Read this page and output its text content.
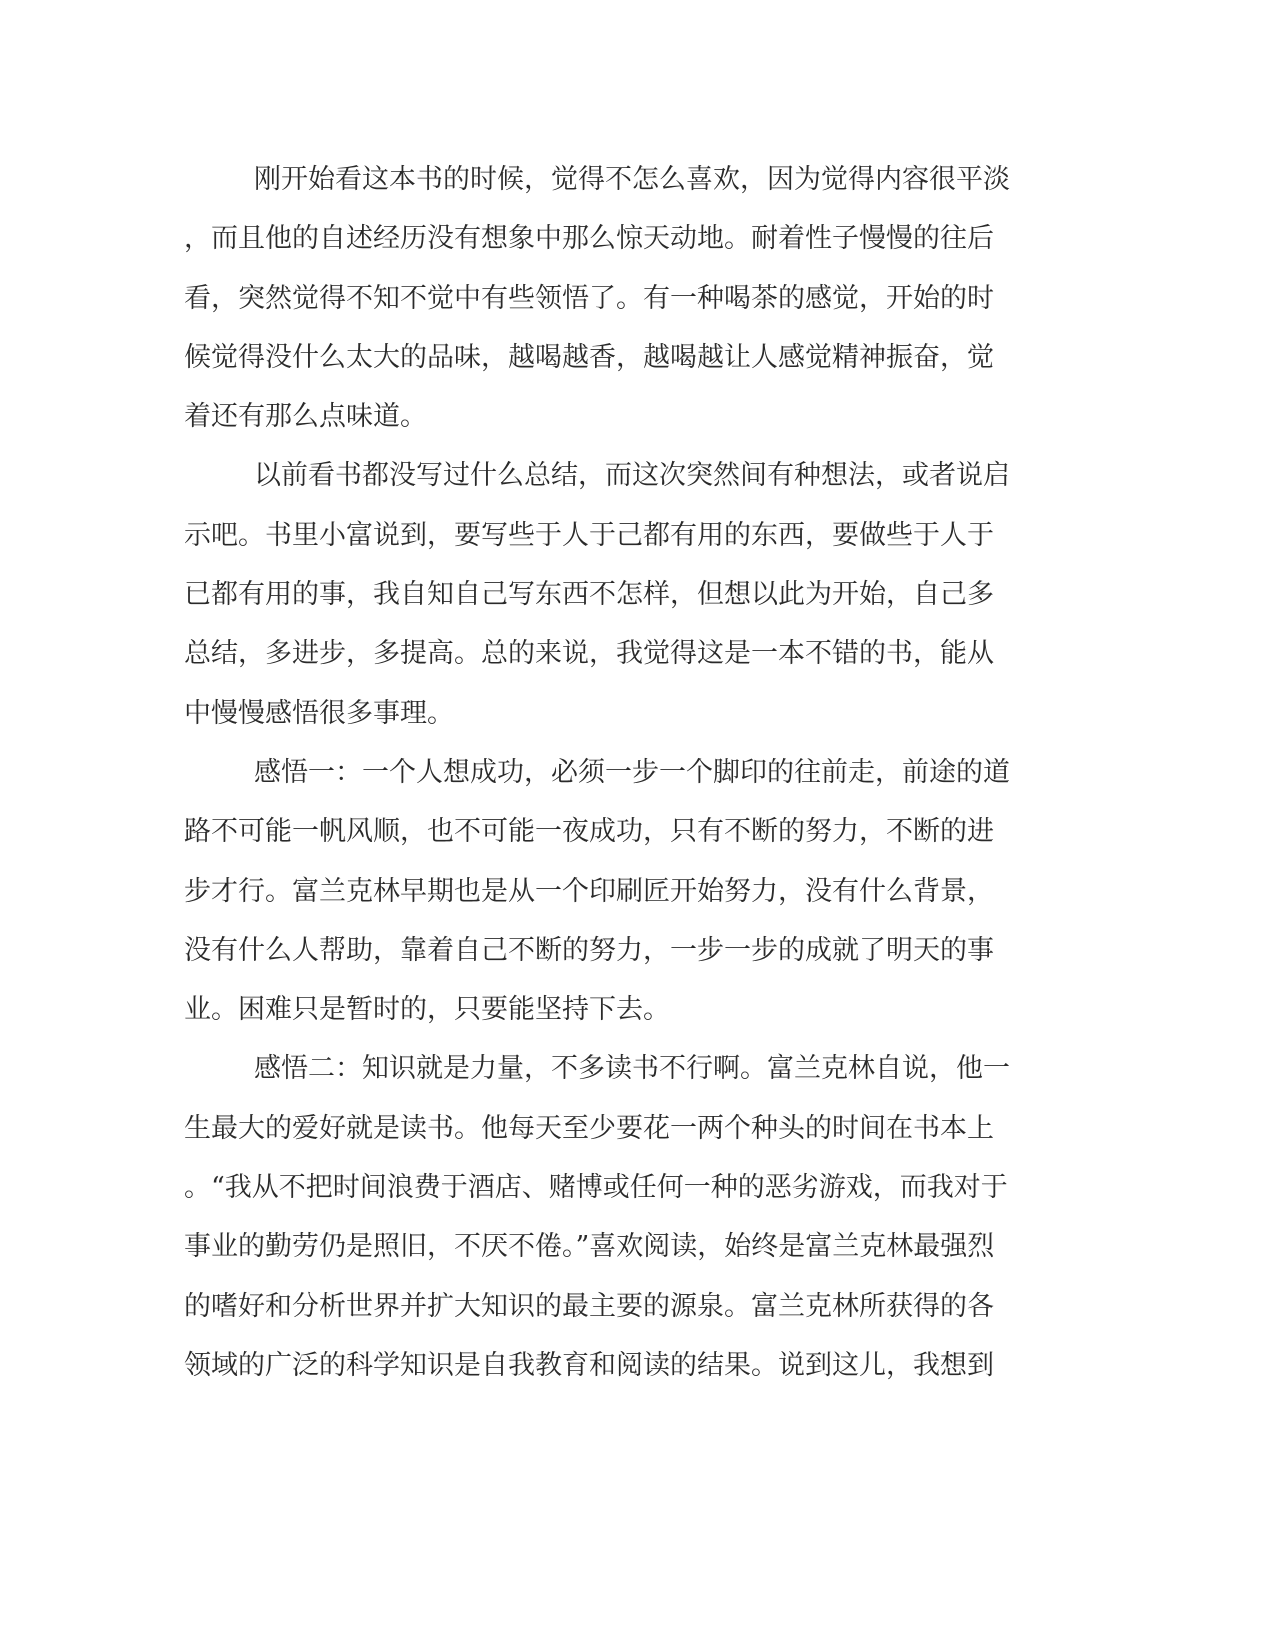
刚开始看这本书的时候，觉得不怎么喜欢，因为觉得内容很平淡
，而且他的自述经历没有想象中那么惊天动地。耐着性子慢慢的往后
看，突然觉得不知不觉中有些领悟了。有一种喝茶的感觉，开始的时
候觉得没什么太大的品味，越喝越香，越喝越让人感觉精神振奋，觉
着还有那么点味道。

以前看书都没写过什么总结，而这次突然间有种想法，或者说启
示吧。书里小富说到，要写些于人于己都有用的东西，要做些于人于
已都有用的事，我自知自己写东西不怎样，但想以此为开始，自己多
总结，多进步，多提高。总的来说，我觉得这是一本不错的书，能从
中慢慢感悟很多事理。

感悟一：一个人想成功，必须一步一个脚印的往前走，前途的道
路不可能一帆风顺，也不可能一夜成功，只有不断的努力，不断的进
步才行。富兰克林早期也是从一个印刷匠开始努力，没有什么背景，
没有什么人帮助，靠着自己不断的努力，一步一步的成就了明天的事
业。困难只是暂时的，只要能坚持下去。

感悟二：知识就是力量，不多读书不行啊。富兰克林自说，他一
生最大的爱好就是读书。他每天至少要花一两个种头的时间在书本上
。“我从不把时间浪费于酒店、赌博或任何一种的恶劣游戏，而我对于
事业的勤劳仍是照旧，不厌不倦。”喜欢阅读，始终是富兰克林最强烈
的嗜好和分析世界并扩大知识的最主要的源泉。富兰克林所获得的各
领域的广泛的科学知识是自我教育和阅读的结果。说到这儿，我想到
